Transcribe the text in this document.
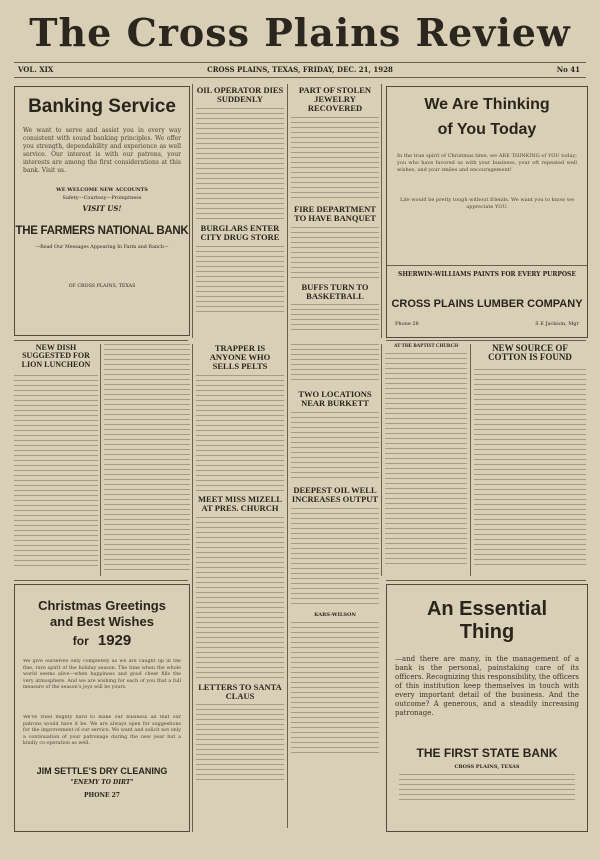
The Cross Plains Review
VOL. XIX	CROSS PLAINS, TEXAS, FRIDAY, DEC. 21, 1928	No 41
Banking Service
We want to serve and assist you in every way consistent with sound banking principles. We offer you strength, dependability and experience as well service. Our interest is with our patrons, your interests are among the first considerations at this bank. Visit us.
WE WELCOME NEW ACCOUNTS
Safety—Courtesy—Promptness
VISIT US!
THE FARMERS NATIONAL BANK
—Read Our Messages Appearing In Farm and Ranch—
OF CROSS PLAINS, TEXAS
OIL OPERATOR DIES SUDDENLY
BURGLARS ENTER CITY DRUG STORE
PART OF STOLEN JEWELRY RECOVERED
FIRE DEPARTMENT TO HAVE BANQUET
BUFFS TURN TO BASKETBALL
We Are Thinking
of You Today
In the true spirit of Christmas time, we ARE THINKING of YOU today; you who have favored us with your business, your oft repeated well wishes, and your smiles and encouragement!
Life would be pretty tough without friends. We want you to know we appreciate YOU.
SHERWIN-WILLIAMS PAINTS FOR EVERY PURPOSE
CROSS PLAINS LUMBER COMPANY
Phone 28	S E Jackson, Mgr
NEW DISH SUGGESTED FOR LION LUNCHEON
TRAPPER IS ANYONE WHO SELLS PELTS
MEET MISS MIZELL AT PRES. CHURCH
LETTERS TO SANTA CLAUS
TWO LOCATIONS NEAR BURKETT
DEEPEST OIL WELL INCREASES OUTPUT
KARS-WILSON
AT THE BAPTIST CHURCH	NEW SOURCE OF COTTON IS FOUND
Christmas Greetings
and Best Wishes
for 1929
We give ourselves only completely as we are caught up in the fine, rare spirit of the holiday season. The time when the whole world seems alive—when happiness and good cheer fills the very atmosphere. And we are wishing for each of you that a full measure of the season's joys will be yours.
We've tried mighty hard to make our business all that our patrons would have it be. We are always open for suggestions for the improvement of our service. We want and solicit not only a continuation of your patronage during the new year but a kindly co-operation as well.
JIM SETTLE'S DRY CLEANING
"ENEMY TO DIRT"
PHONE 27
An Essential
Thing
—and there are many, in the management of a bank is the personal, painstaking care of its officers. Recognizing this responsibility, the officers of this institution keep themselves in touch with every important detail of the business. And the outcome? A generous, and a steadily increasing patronage.
THE FIRST STATE BANK
CROSS PLAINS, TEXAS
